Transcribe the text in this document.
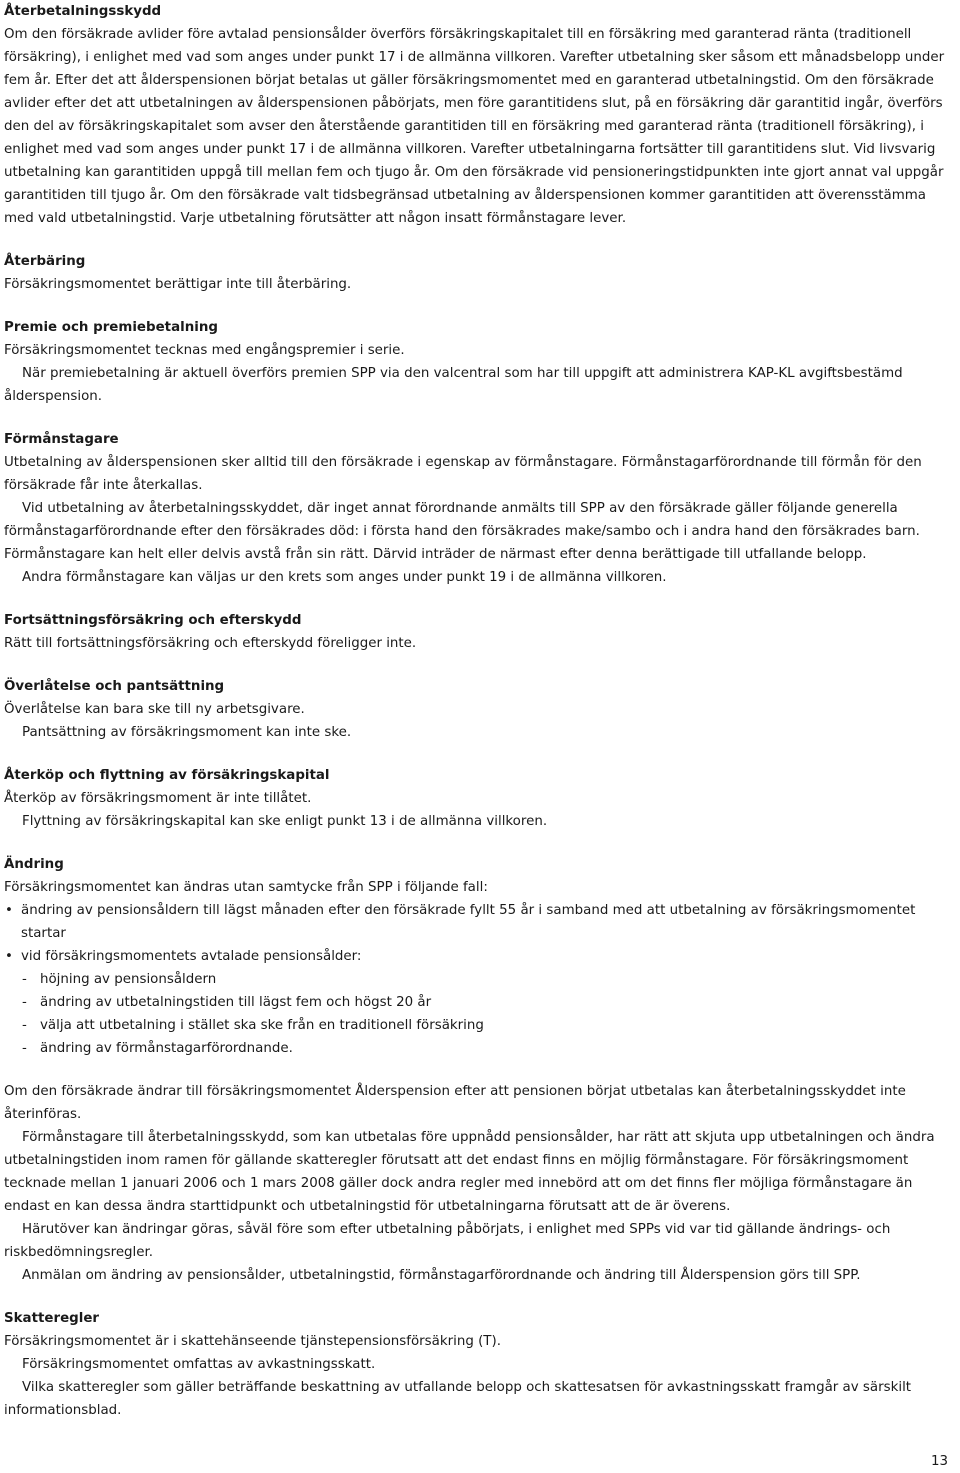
Återbetalningsskydd

Om den försäkrade avlider före avtalad pensionsålder överförs försäkringskapitalet till en försäkring med garanterad ränta (traditionell försäkring), i enlighet med vad som anges under punkt 17 i de allmänna villkoren. Varefter utbetalning sker såsom ett månadsbelopp under fem år. Efter det att ålderspensionen börjat betalas ut gäller försäkringsmomentet med en garanterad utbetalningstid. Om den försäkrade avlider efter det att utbetalningen av ålderspensionen påbörjats, men före garantitidens slut, på en försäkring där garantitid ingår, överförs den del av försäkringskapitalet som avser den återstående garantitiden till en försäkring med garanterad ränta (traditionell försäkring), i enlighet med vad som anges under punkt 17 i de allmänna villkoren. Varefter utbetalningarna fortsätter till garantitidens slut. Vid livsvarig utbetalning kan garantitiden uppgå till mellan fem och tjugo år. Om den försäkrade vid pensioneringstidpunkten inte gjort annat val uppgår garantitiden till tjugo år. Om den försäkrade valt tidsbegränsad utbetalning av ålderspensionen kommer garantitiden att överensstämma med vald utbetalningstid. Varje utbetalning förutsätter att någon insatt förmånstagare lever.

Återbäring

Försäkringsmomentet berättigar inte till återbäring.

Premie och premiebetalning

Försäkringsmomentet tecknas med engångspremier i serie.

När premiebetalning är aktuell överförs premien SPP via den valcentral som har till uppgift att administrera KAP-KL avgiftsbestämd ålderspension.

Förmånstagare

Utbetalning av ålderspensionen sker alltid till den försäkrade i egenskap av förmånstagare. Förmånstagarförordnande till förmån för den försäkrade får inte återkallas.

Vid utbetalning av återbetalningsskyddet, där inget annat förordnande anmälts till SPP av den försäkrade gäller följande generella förmånstagarförordnande efter den försäkrades död: i första hand den försäkrades make/sambo och i andra hand den försäkrades barn. Förmånstagare kan helt eller delvis avstå från sin rätt. Därvid inträder de närmast efter denna berättigade till utfallande belopp.

Andra förmånstagare kan väljas ur den krets som anges under punkt 19 i de allmänna villkoren.

Fortsättningsförsäkring och efterskydd

Rätt till fortsättningsförsäkring och efterskydd föreligger inte.

Överlåtelse och pantsättning

Överlåtelse kan bara ske till ny arbetsgivare.

Pantsättning av försäkringsmoment kan inte ske.

Återköp och flyttning av försäkringskapital

Återköp av försäkringsmoment är inte tillåtet.

Flyttning av försäkringskapital kan ske enligt punkt 13 i de allmänna villkoren.

Ändring

Försäkringsmomentet kan ändras utan samtycke från SPP i följande fall:

• ändring av pensionsåldern till lägst månaden efter den försäkrade fyllt 55 år i samband med att utbetalning av försäkringsmomentet startar
• vid försäkringsmomentets avtalade pensionsålder:
- höjning av pensionsåldern
- ändring av utbetalningstiden till lägst fem och högst 20 år
- välja att utbetalning i stället ska ske från en traditionell försäkring
- ändring av förmånstagarförordnande.

Om den försäkrade ändrar till försäkringsmomentet Ålderspension efter att pensionen börjat utbetalas kan återbetalningsskyddet inte återinföras.

Förmånstagare till återbetalningsskydd, som kan utbetalas före uppnådd pensionsålder, har rätt att skjuta upp utbetalningen och ändra utbetalningstiden inom ramen för gällande skatteregler förutsatt att det endast finns en möjlig förmånstagare. För försäkringsmoment tecknade mellan 1 januari 2006 och 1 mars 2008 gäller dock andra regler med innebörd att om det finns fler möjliga förmånstagare än endast en kan dessa ändra starttidpunkt och utbetalningstid för utbetalningarna förutsatt att de är överens.

Härutöver kan ändringar göras, såväl före som efter utbetalning påbörjats, i enlighet med SPPs vid var tid gällande ändrings- och riskbedömningsregler.

Anmälan om ändring av pensionsålder, utbetalningstid, förmånstagarförordnande och ändring till Ålderspension görs till SPP.

Skatteregler

Försäkringsmomentet är i skattehänseende tjänstepensionsförsäkring (T).

Försäkringsmomentet omfattas av avkastningsskatt.

Vilka skatteregler som gäller beträffande beskattning av utfallande belopp och skattesatsen för avkastningsskatt framgår av särskilt informationsblad.

13
